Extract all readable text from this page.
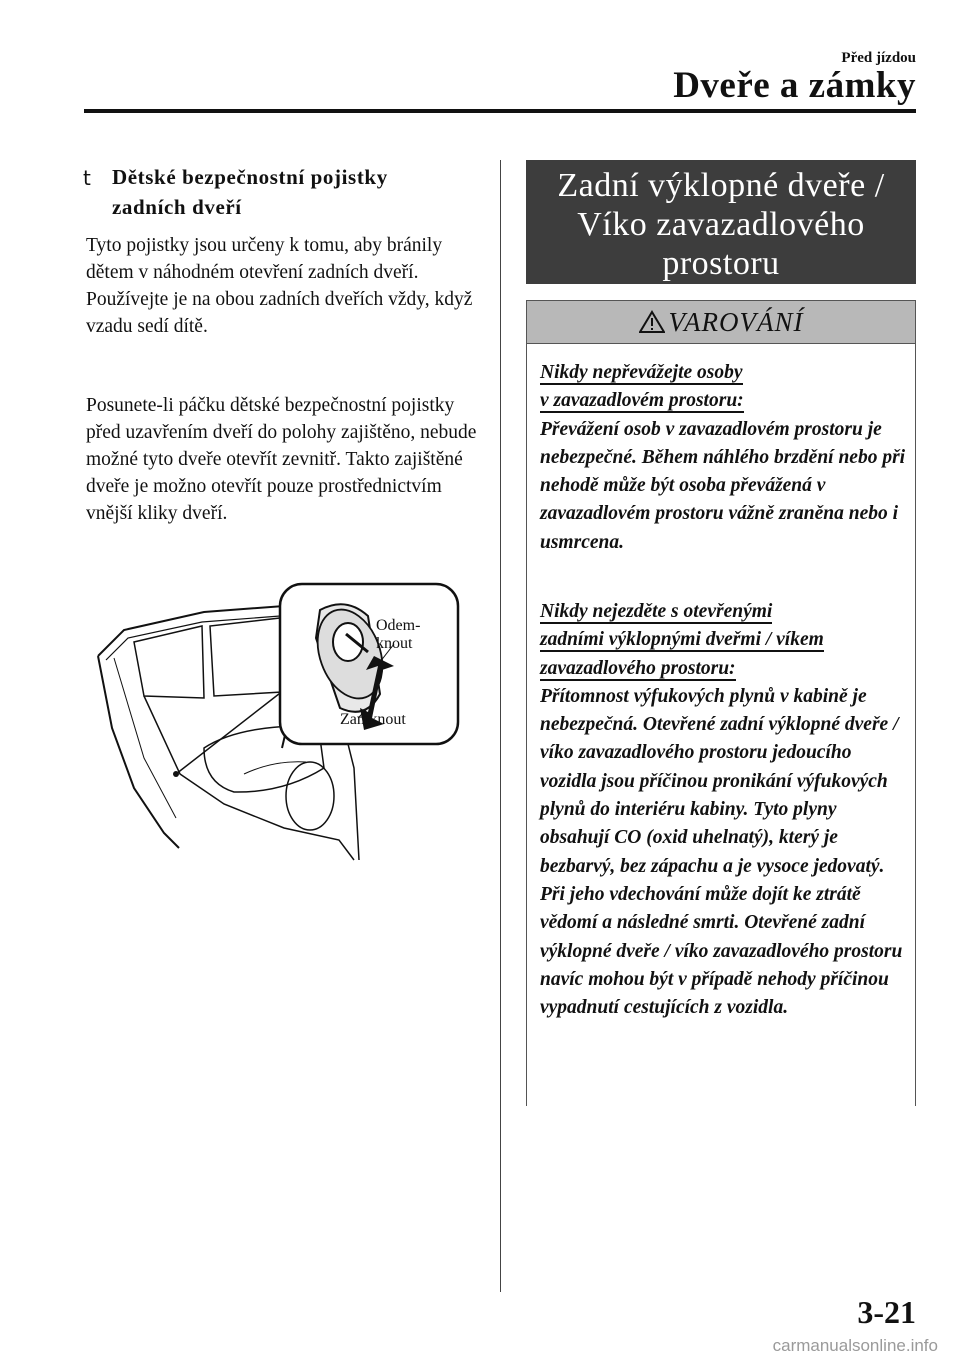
Před jízdou
Dveře a zámky
t Dětské bezpečnostní pojistky zadních dveří
Tyto pojistky jsou určeny k tomu, aby bránily dětem v náhodném otevření zadních dveří. Používejte je na obou zadních dveřích vždy, když vzadu sedí dítě.
Posunete-li páčku dětské bezpečnostní pojistky před uzavřením dveří do polohy zajištěno, nebude možné tyto dveře otevřít zevnitř. Takto zajištěné dveře je možno otevřít pouze prostřednictvím vnější kliky dveří.
Odem-
knout
Zamknout
Zadní výklopné dveře /
Víko zavazadlového
prostoru
VAROVÁNÍ
Nikdy nepřevážejte osoby
v zavazadlovém prostoru:
Převážení osob v zavazadlovém prostoru je nebezpečné. Během náhlého brzdění nebo při nehodě může být osoba převážená v zavazadlovém prostoru vážně zraněna nebo i usmrcena.
Nikdy nejezděte s otevřenými
zadními výklopnými dveřmi / víkem
zavazadlového prostoru:
Přítomnost výfukových plynů v kabině je nebezpečná. Otevřené zadní výklopné dveře / víko zavazadlového prostoru jedoucího vozidla jsou příčinou pronikání výfukových plynů do interiéru kabiny. Tyto plyny obsahují CO (oxid uhelnatý), který je bezbarvý, bez zápachu a je vysoce jedovatý. Při jeho vdechování může dojít ke ztrátě vědomí a následné smrti. Otevřené zadní výklopné dveře / víko zavazadlového prostoru navíc mohou být v případě nehody příčinou vypadnutí cestujících z vozidla.
3-21
carmanualsonline.info
